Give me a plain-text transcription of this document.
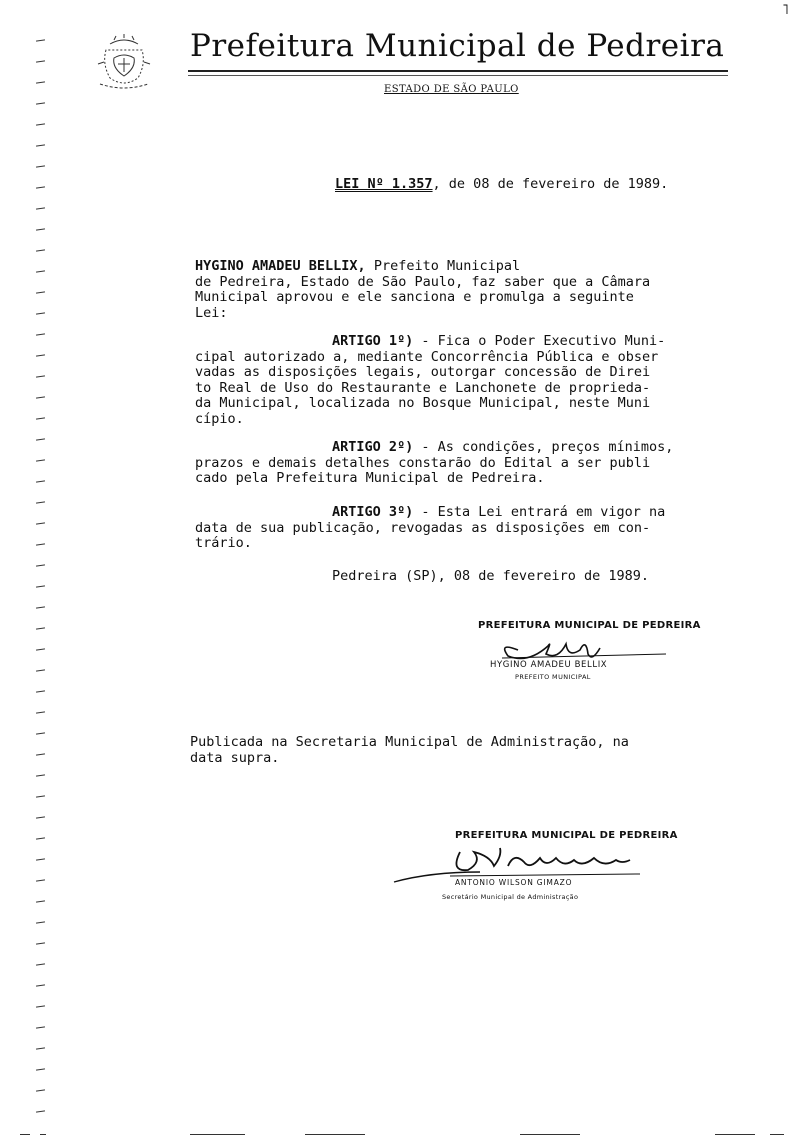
˥
Prefeitura Municipal de Pedreira
ESTADO DE SÃO PAULO
LEI Nº 1.357, de 08 de fevereiro de 1989.
HYGINO AMADEU BELLIX, Prefeito Municipal
de Pedreira, Estado de São Paulo, faz saber que a Câmara
Municipal aprovou e ele sanciona e promulga a seguinte
Lei:
ARTIGO 1º) - Fica o Poder Executivo Muni-
cipal autorizado a, mediante Concorrência Pública e obser
vadas as disposições legais, outorgar concessão de Direi
to Real de Uso do Restaurante e Lanchonete de proprieda-
da Municipal, localizada no Bosque Municipal, neste Muni
cípio.
ARTIGO 2º) - As condições, preços mínimos,
prazos e demais detalhes constarão do Edital a ser publi
cado pela Prefeitura Municipal de Pedreira.
ARTIGO 3º) - Esta Lei entrará em vigor na
data de sua publicação, revogadas as disposições em con-
trário.
Pedreira (SP), 08 de fevereiro de 1989.
PREFEITURA MUNICIPAL DE PEDREIRA
HYGINO AMADEU BELLIX
PREFEITO MUNICIPAL
Publicada na Secretaria Municipal de Administração, na
data supra.
PREFEITURA MUNICIPAL DE PEDREIRA
ANTONIO WILSON GIMAZO
Secretário Municipal de Administração
